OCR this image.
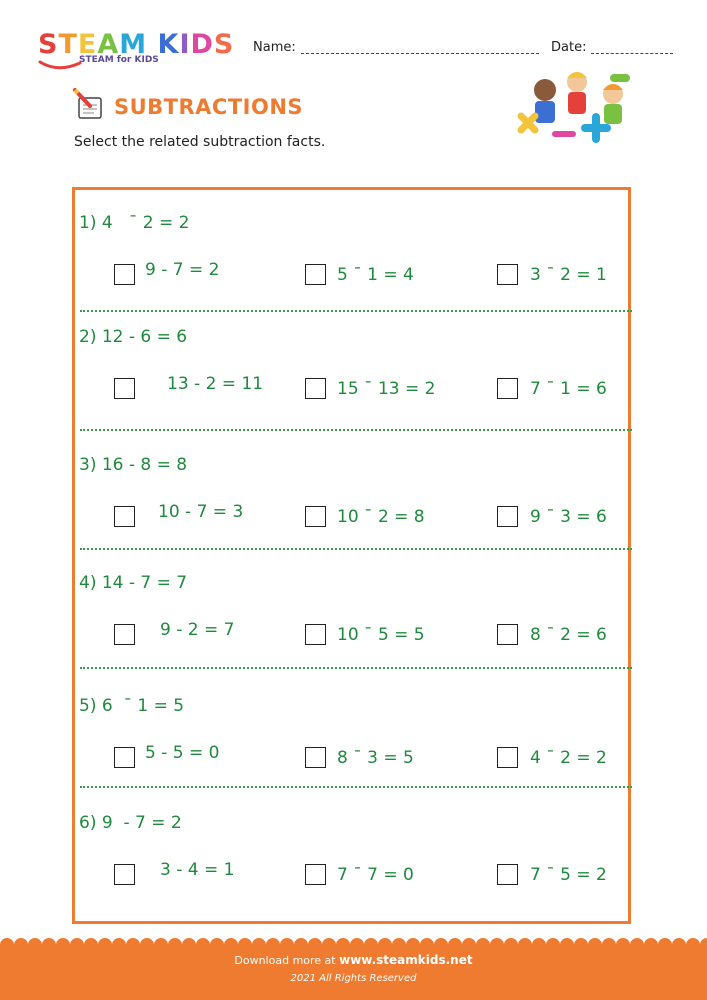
STEAM KIDS
STEAM for KIDS
Name:	Date:
SUBTRACTIONS
Select the related subtraction facts.
1) 4   ˉ 2 = 2
9 - 7 = 2	5 ˉ 1 = 4	3 ˉ 2 = 1
2) 12 - 6 = 6
13 - 2 = 11	15 ˉ 13 = 2	7 ˉ 1 = 6
3) 16 - 8 = 8
10 - 7 = 3	10 ˉ 2 = 8	9 ˉ 3 = 6
4) 14 - 7 = 7
9 - 2 = 7	10 ˉ 5 = 5	8 ˉ 2 = 6
5) 6  ˉ 1 = 5
5 - 5 = 0	8 ˉ 3 = 5	4 ˉ 2 = 2
6) 9  - 7 = 2
3 - 4 = 1	7 ˉ 7 = 0	7 ˉ 5 = 2
Download more at www.steamkids.net
2021 All Rights Reserved
